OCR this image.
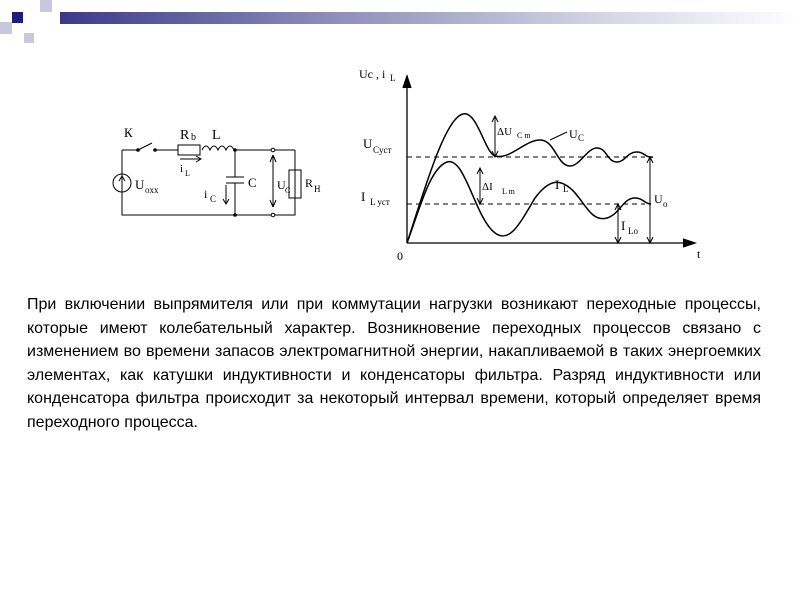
К
U oxx
R b L
i L
i C
C U C
R H
Uc , i L
t
0
U Cуст
I L уст
ΔU C m
ΔI L m
U C
I L
U o
I Lo

При включении выпрямителя или при коммутации нагрузки возникают переходные процессы, которые имеют колебательный характер. Возникновение переходных процессов связано с изменением во времени запасов электромагнитной энергии, накапливаемой в таких энергоемких элементах, как катушки индуктивности и конденсаторы фильтра. Разряд индуктивности или конденсатора фильтра происходит за некоторый интервал времени, который определяет время переходного процесса.
